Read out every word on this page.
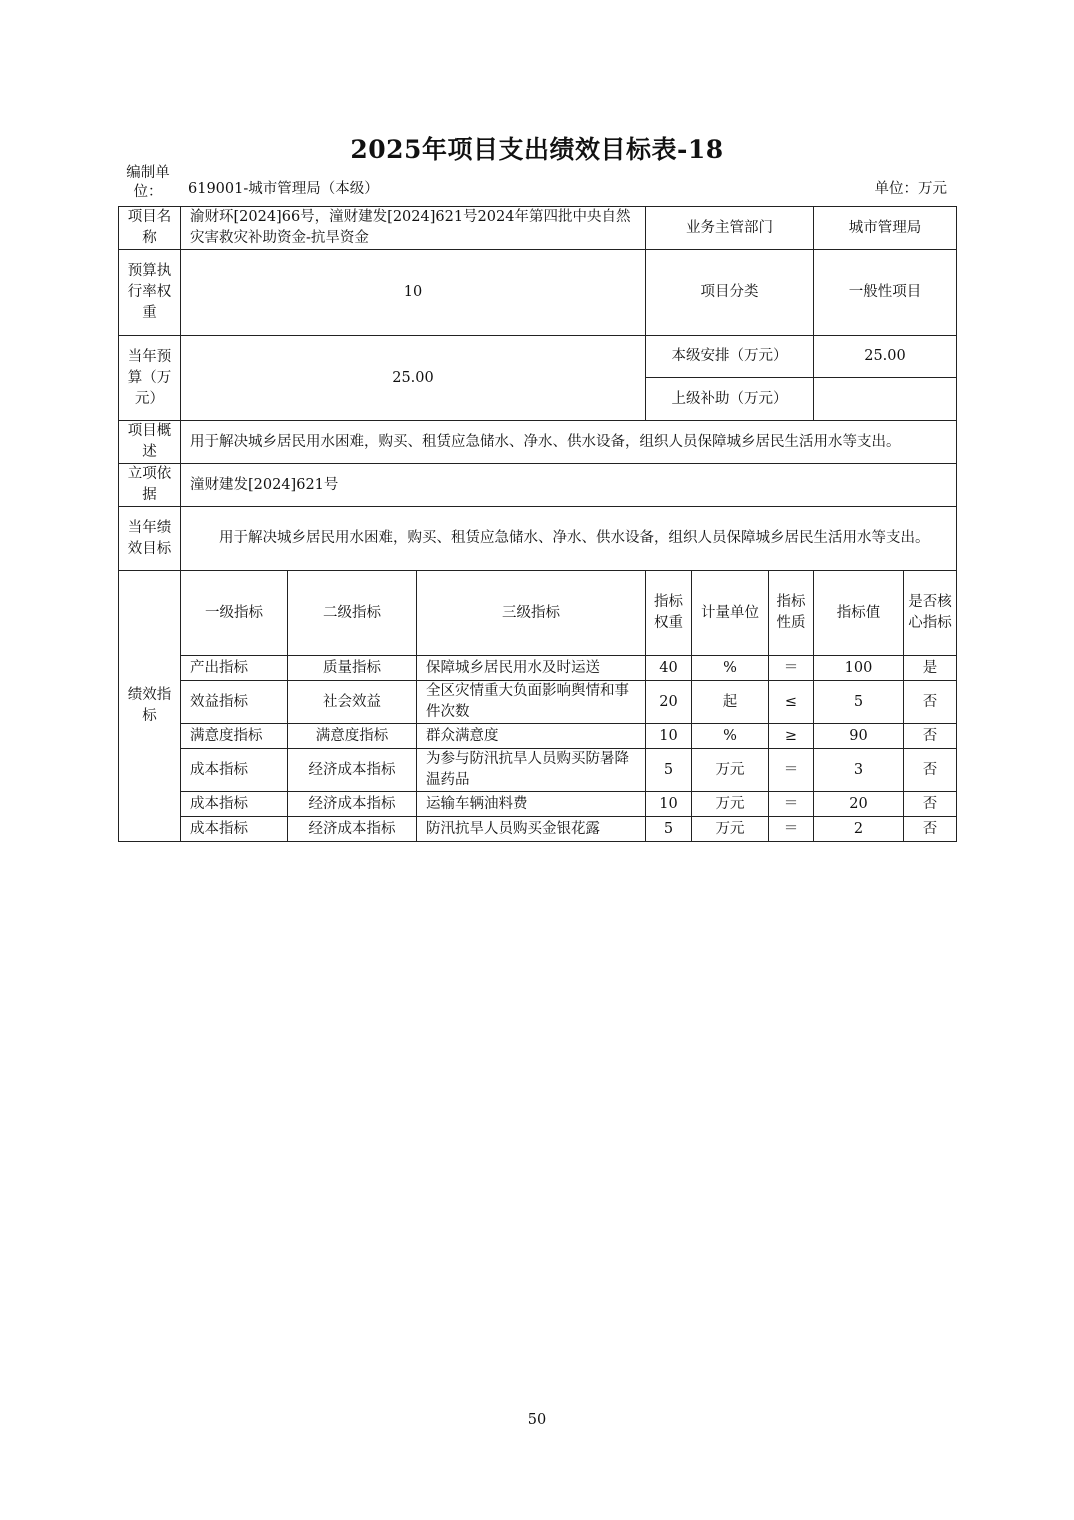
2025年项目支出绩效目标表-18
编制单位：	619001-城市管理局（本级）	单位：万元
项目名称	渝财环[2024]66号，潼财建发[2024]621号2024年第四批中央自然灾害救灾补助资金-抗旱资金			业务主管部门			城市管理局	
预算执行率权重	10			项目分类			一般性项目	
当年预算（万元）	25.00			本级安排（万元）			25.00	
				上级补助（万元）				
项目概述	用于解决城乡居民用水困难，购买、租赁应急储水、净水、供水设备，组织人员保障城乡居民生活用水等支出。							
立项依据	潼财建发[2024]621号							
当年绩效目标	用于解决城乡居民用水困难，购买、租赁应急储水、净水、供水设备，组织人员保障城乡居民生活用水等支出。							
绩效指标	一级指标	二级指标	三级指标	指标权重	计量单位	指标性质	指标值	是否核心指标
	产出指标	质量指标	保障城乡居民用水及时运送	40	%	＝	100	是
	效益指标	社会效益	全区灾情重大负面影响舆情和事件次数	20	起	≤	5	否
	满意度指标	满意度指标	群众满意度	10	%	≥	90	否
	成本指标	经济成本指标	为参与防汛抗旱人员购买防暑降温药品	5	万元	＝	3	否
	成本指标	经济成本指标	运输车辆油料费	10	万元	＝	20	否
	成本指标	经济成本指标	防汛抗旱人员购买金银花露	5	万元	＝	2	否
50
